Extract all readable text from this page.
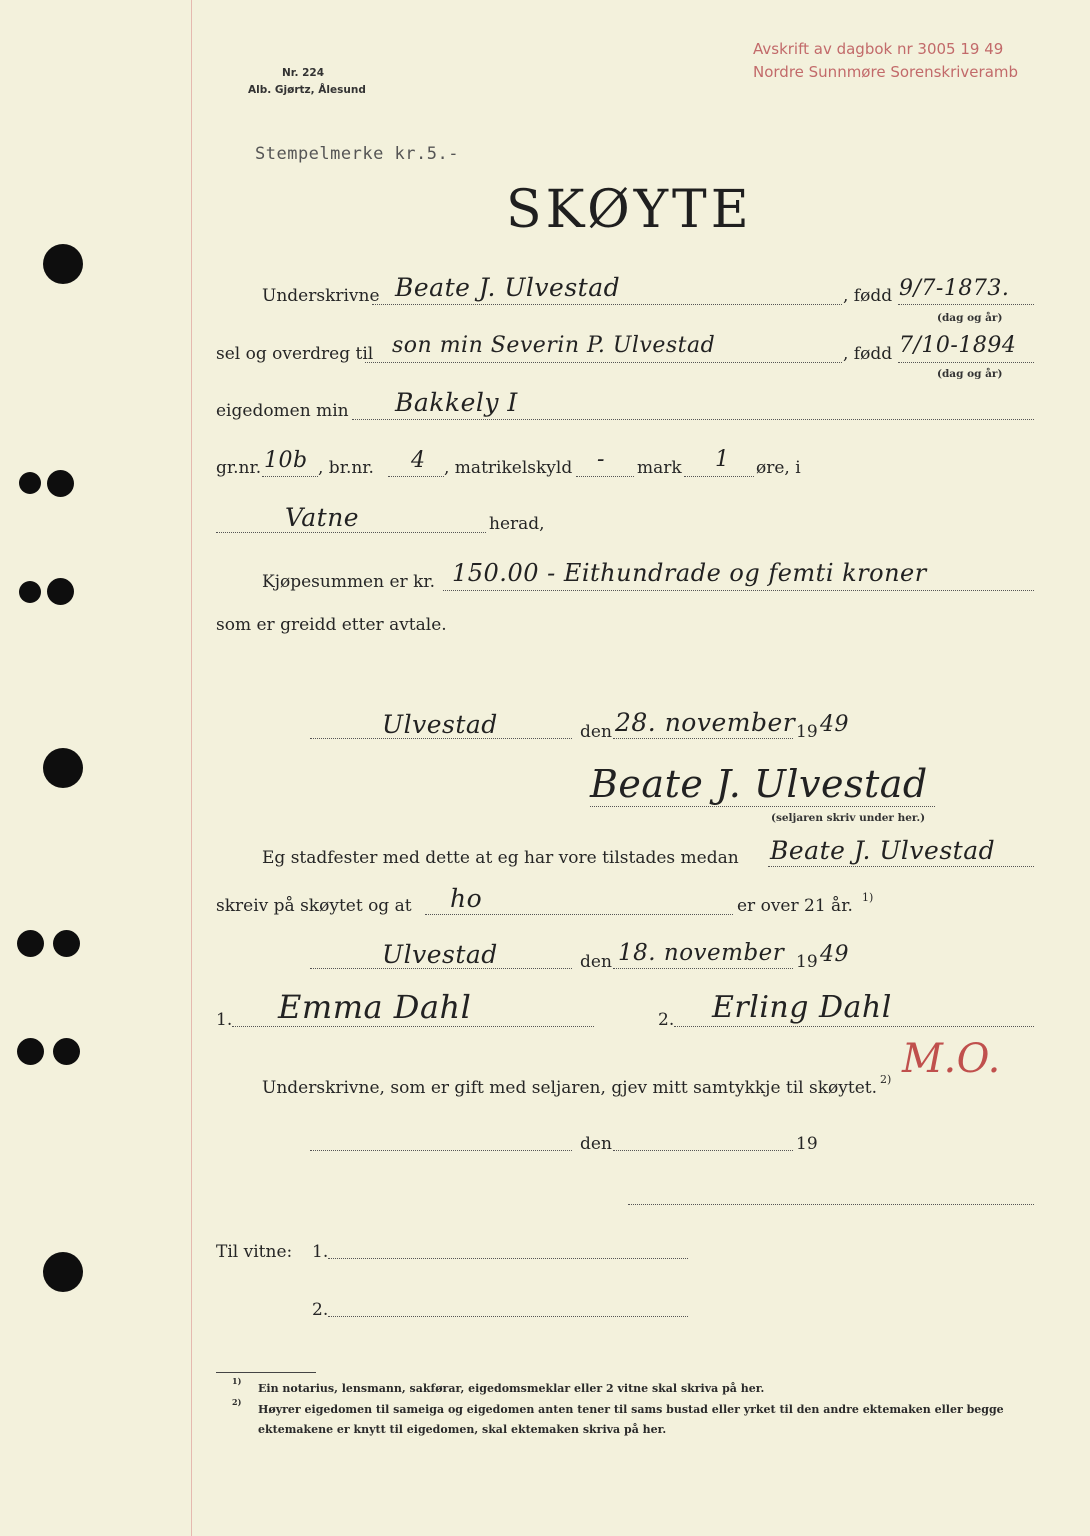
Avskrift av dagbok nr 3005 19 49
Nordre Sunnmøre Sorenskriveramb
Nr. 224
Alb. Gjørtz, Ålesund
Stempelmerke kr.5.-
SKØYTE
Underskrivne Beate J. Ulvestad	, fødd 9/7-1873.
(dag og år)
sel og overdreg til son min Severin P. Ulvestad	, fødd 7/10-1894
(dag og år)
eigedomen min Bakkely I
gr.nr. 10b , br.nr. 4 , matrikelskyld - mark 1 øre, i
Vatne	herad,
Kjøpesummen er kr. 150.00 - Eithundrade og femti kroner
som er greidd etter avtale.
Ulvestad	den 28. november 19 49
Beate J. Ulvestad
(seljaren skriv under her.)
Eg stadfester med dette at eg har vore tilstades medan Beate J. Ulvestad
skreiv på skøytet og at ho	er over 21 år. 1)
Ulvestad	den 18. november 19 49
1. Emma Dahl	2. Erling Dahl
M.O.
Underskrivne, som er gift med seljaren, gjev mitt samtykkje til skøytet. 2)
den	19
Til vitne: 1.
2.
1)
Ein notarius, lensmann, sakførar, eigedomsmeklar eller 2 vitne skal skriva på her.
2)
Høyrer eigedomen til sameiga og eigedomen anten tener til sams bustad eller yrket til den andre ektemaken eller begge
ektemakene er knytt til eigedomen, skal ektemaken skriva på her.
